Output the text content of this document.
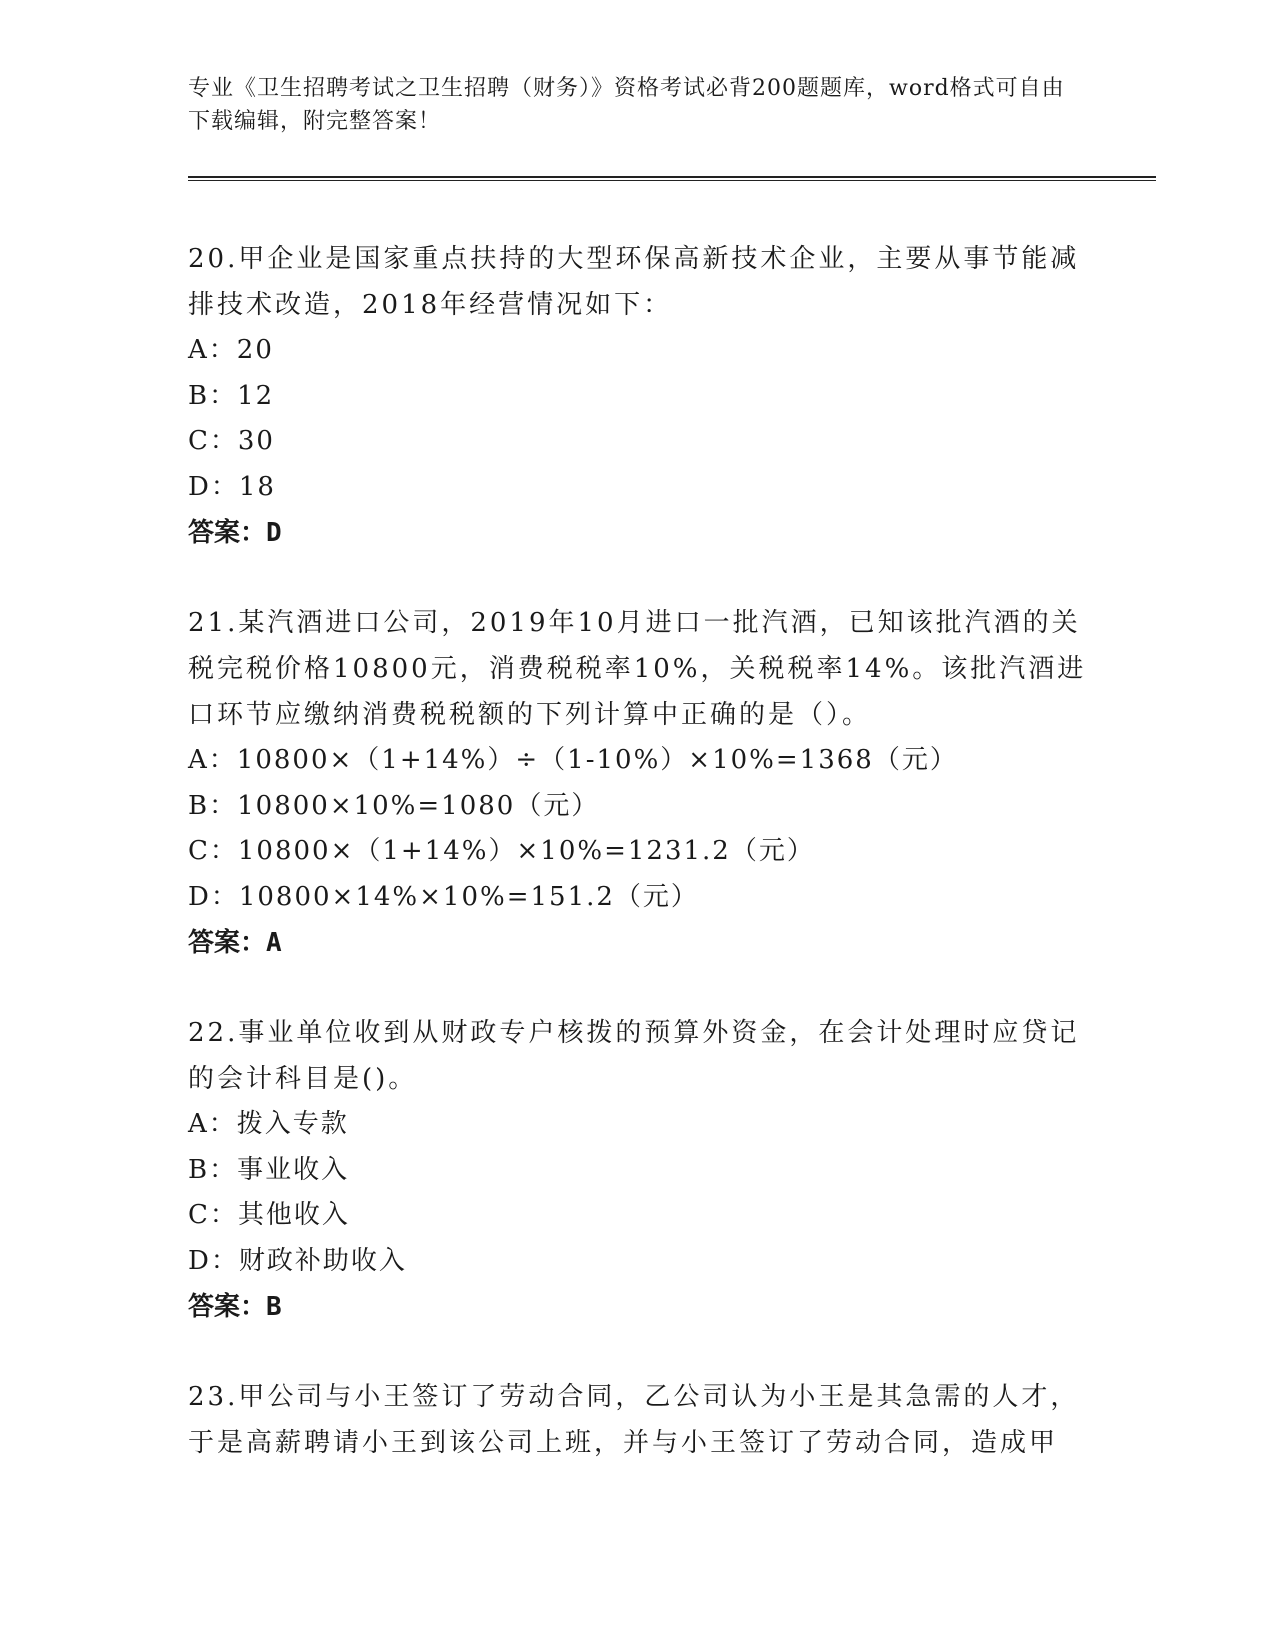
专业《卫生招聘考试之卫生招聘（财务）》资格考试必背200题题库，word格式可自由下载编辑，附完整答案！
20.甲企业是国家重点扶持的大型环保高新技术企业，主要从事节能减排技术改造，2018年经营情况如下：
A：20
B：12
C：30
D：18
答案：D
21.某汽酒进口公司，2019年10月进口一批汽酒，已知该批汽酒的关税完税价格10800元，消费税税率10%，关税税率14%。该批汽酒进口环节应缴纳消费税税额的下列计算中正确的是（）。
A：10800×（1+14%）÷（1-10%）×10%=1368（元）
B：10800×10%=1080（元）
C：10800×（1+14%）×10%=1231.2（元）
D：10800×14%×10%=151.2（元）
答案：A
22.事业单位收到从财政专户核拨的预算外资金，在会计处理时应贷记的会计科目是()。
A：拨入专款
B：事业收入
C：其他收入
D：财政补助收入
答案：B
23.甲公司与小王签订了劳动合同，乙公司认为小王是其急需的人才，于是高薪聘请小王到该公司上班，并与小王签订了劳动合同，造成甲
